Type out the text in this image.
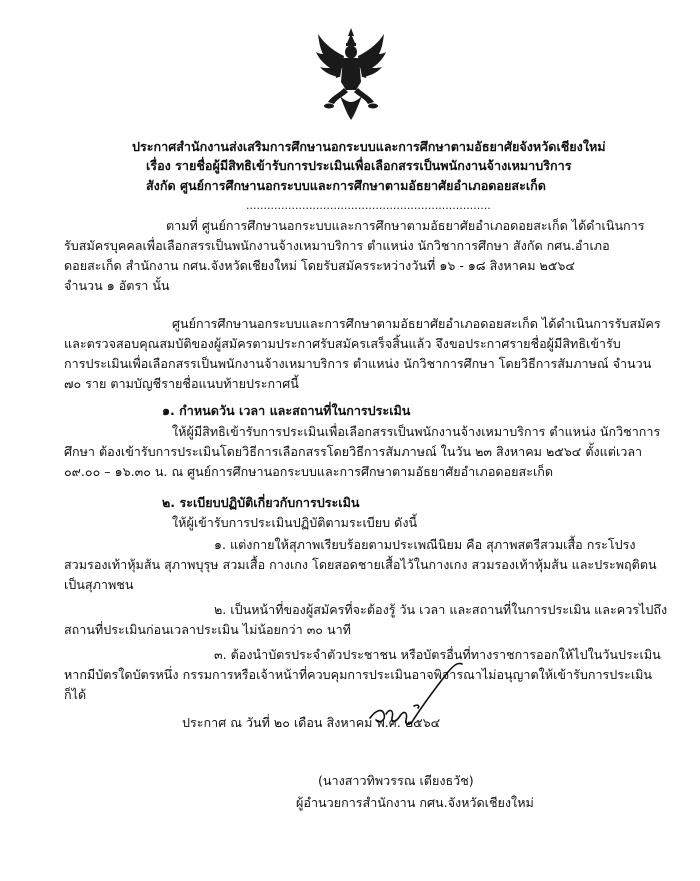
ประกาศสำนักงานส่งเสริมการศึกษานอกระบบและการศึกษาตามอัธยาศัยจังหวัดเชียงใหม่
เรื่อง รายชื่อผู้มีสิทธิเข้ารับการประเมินเพื่อเลือกสรรเป็นพนักงานจ้างเหมาบริการ
สังกัด ศูนย์การศึกษานอกระบบและการศึกษาตามอัธยาศัยอำเภอดอยสะเก็ด
......................................................................
ตามที่ ศูนย์การศึกษานอกระบบและการศึกษาตามอัธยาศัยอำเภอดอยสะเก็ด ได้ดำเนินการ
รับสมัครบุคคลเพื่อเลือกสรรเป็นพนักงานจ้างเหมาบริการ ตำแหน่ง นักวิชาการศึกษา สังกัด กศน.อำเภอ
ดอยสะเก็ด สำนักงาน กศน.จังหวัดเชียงใหม่ โดยรับสมัครระหว่างวันที่ ๑๖ - ๑๘ สิงหาคม ๒๕๖๔
จำนวน ๑ อัตรา นั้น
ศูนย์การศึกษานอกระบบและการศึกษาตามอัธยาศัยอำเภอดอยสะเก็ด ได้ดำเนินการรับสมัคร
และตรวจสอบคุณสมบัติของผู้สมัครตามประกาศรับสมัครเสร็จสิ้นแล้ว จึงขอประกาศรายชื่อผู้มีสิทธิเข้ารับ
การประเมินเพื่อเลือกสรรเป็นพนักงานจ้างเหมาบริการ ตำแหน่ง นักวิชาการศึกษา โดยวิธีการสัมภาษณ์ จำนวน
๗๐ ราย ตามบัญชีรายชื่อแนบท้ายประกาศนี้
๑. กำหนดวัน เวลา และสถานที่ในการประเมิน
ให้ผู้มีสิทธิเข้ารับการประเมินเพื่อเลือกสรรเป็นพนักงานจ้างเหมาบริการ ตำแหน่ง นักวิชาการ
ศึกษา ต้องเข้ารับการประเมินโดยวิธีการเลือกสรรโดยวิธีการสัมภาษณ์ ในวัน ๒๓ สิงหาคม ๒๕๖๔ ตั้งแต่เวลา
๐๙.๐๐ – ๑๖.๓๐ น. ณ ศูนย์การศึกษานอกระบบและการศึกษาตามอัธยาศัยอำเภอดอยสะเก็ด
๒. ระเบียบปฏิบัติเกี่ยวกับการประเมิน
ให้ผู้เข้ารับการประเมินปฏิบัติตามระเบียบ ดังนี้
๑. แต่งกายให้สุภาพเรียบร้อยตามประเพณีนิยม คือ สุภาพสตรีสวมเสื้อ กระโปรง
สวมรองเท้าหุ้มส้น สุภาพบุรุษ สวมเสื้อ กางเกง โดยสอดชายเสื้อไว้ในกางเกง สวมรองเท้าหุ้มส้น และประพฤติตน
เป็นสุภาพชน
๒. เป็นหน้าที่ของผู้สมัครที่จะต้องรู้ วัน เวลา และสถานที่ในการประเมิน และควรไปถึง
สถานที่ประเมินก่อนเวลาประเมิน ไม่น้อยกว่า ๓๐ นาที
๓. ต้องนำบัตรประจำตัวประชาชน หรือบัตรอื่นที่ทางราชการออกให้ไปในวันประเมิน
หากมีบัตรใดบัตรหนึ่ง กรรมการหรือเจ้าหน้าที่ควบคุมการประเมินอาจพิจารณาไม่อนุญาตให้เข้ารับการประเมิน
ก็ได้
ประกาศ ณ วันที่ ๒๐ เดือน สิงหาคม พ.ศ. ๒๕๖๔
(นางสาวทิพวรรณ เตียงธวัช)
ผู้อำนวยการสำนักงาน กศน.จังหวัดเชียงใหม่
